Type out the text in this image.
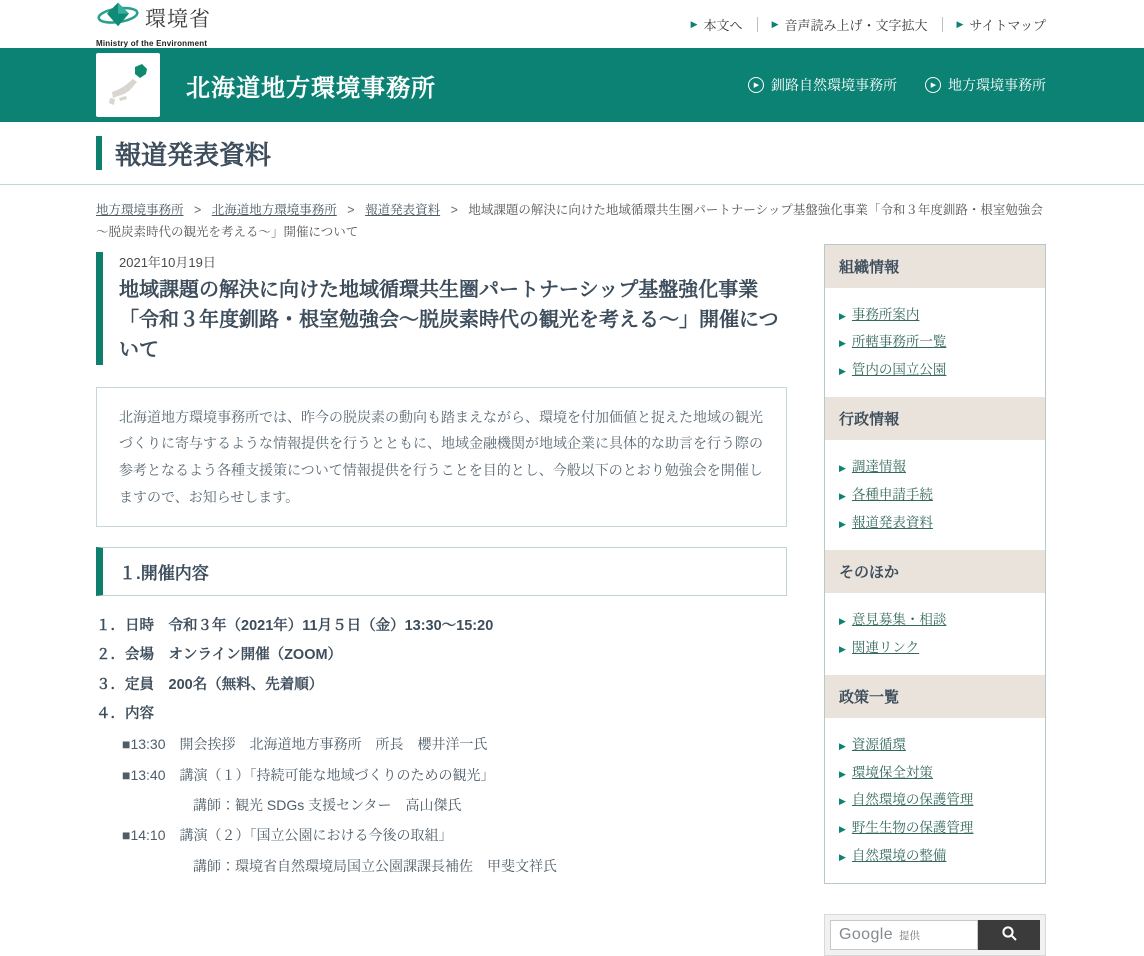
環境省
Ministry of the Environment
▶ 本文へ	▶ 音声読み上げ・文字拡大	▶ サイトマップ
北海道地方環境事務所	▶ 釧路自然環境事務所	▶ 地方環境事務所
報道発表資料
地方環境事務所 > 北海道地方環境事務所 > 報道発表資料 > 地域課題の解決に向けた地域循環共生圏パートナーシップ基盤強化事業「令和３年度釧路・根室勉強会～脱炭素時代の観光を考える～」開催について
2021年10月19日
地域課題の解決に向けた地域循環共生圏パートナーシップ基盤強化事業「令和３年度釧路・根室勉強会～脱炭素時代の観光を考える～」開催について
北海道地方環境事務所では、昨今の脱炭素の動向も踏まえながら、環境を付加価値と捉えた地域の観光づくりに寄与するような情報提供を行うとともに、地域金融機関が地域企業に具体的な助言を行う際の参考となるよう各種支援策について情報提供を行うことを目的とし、今般以下のとおり勉強会を開催しますので、お知らせします。
１.開催内容
１．日時　令和３年（2021年）11月５日（金）13:30～15:20
２．会場　オンライン開催（ZOOM）
３．定員　200名（無料、先着順）
４．内容
■13:30　開会挨拶　北海道地方事務所　所長　櫻井洋一氏
■13:40　講演（１）「持続可能な地域づくりのための観光」
講師：観光 SDGs 支援センター　高山傑氏
■14:10　講演（２）「国立公園における今後の取組」
講師：環境省自然環境局国立公園課課長補佐　甲斐文祥氏
組織情報
▶ 事務所案内
▶ 所轄事務所一覧
▶ 管内の国立公園
行政情報
▶ 調達情報
▶ 各種申請手続
▶ 報道発表資料
そのほか
▶ 意見募集・相談
▶ 関連リンク
政策一覧
▶ 資源循環
▶ 環境保全対策
▶ 自然環境の保護管理
▶ 野生生物の保護管理
▶ 自然環境の整備
Google 提供
